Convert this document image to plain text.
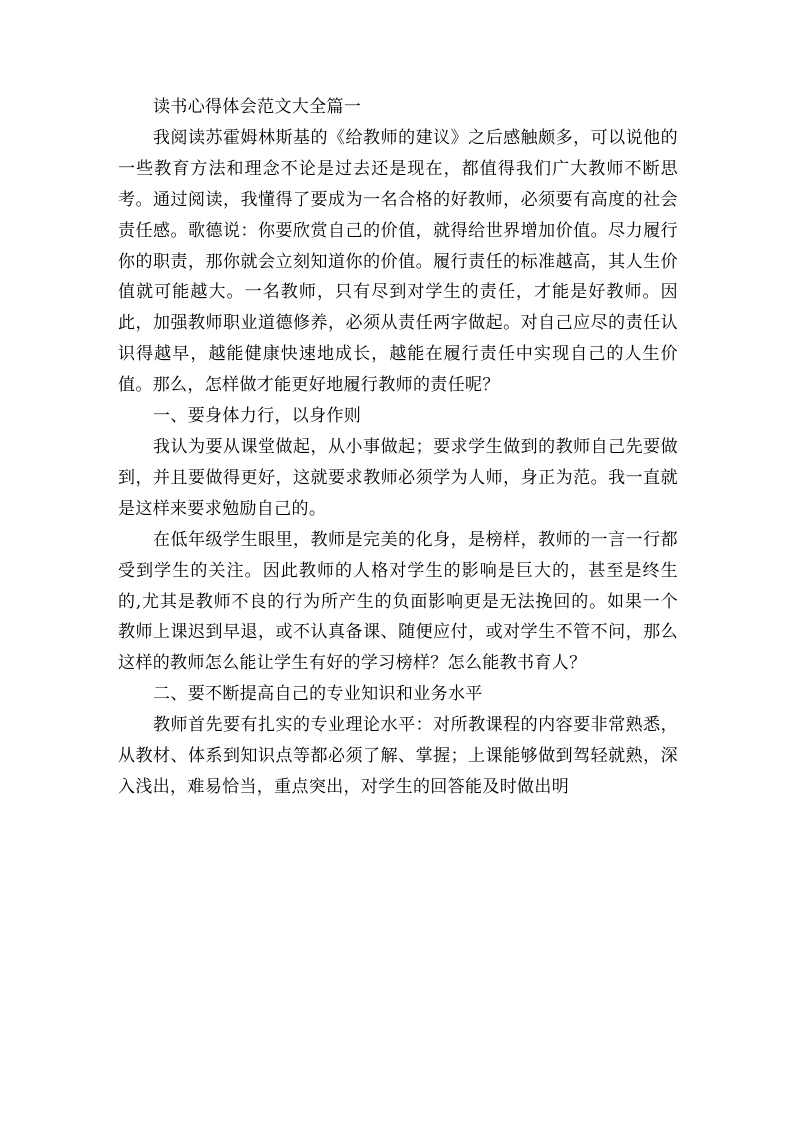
读书心得体会范文大全篇一

我阅读苏霍姆林斯基的《给教师的建议》之后感触颇多，可以说他的一些教育方法和理念不论是过去还是现在，都值得我们广大教师不断思考。通过阅读，我懂得了要成为一名合格的好教师，必须要有高度的社会责任感。歌德说：你要欣赏自己的价值，就得给世界增加价值。尽力履行你的职责，那你就会立刻知道你的价值。履行责任的标准越高，其人生价值就可能越大。一名教师，只有尽到对学生的责任，才能是好教师。因此，加强教师职业道德修养，必须从责任两字做起。对自己应尽的责任认识得越早，越能健康快速地成长，越能在履行责任中实现自己的人生价值。那么，怎样做才能更好地履行教师的责任呢？

一、要身体力行，以身作则

我认为要从课堂做起，从小事做起；要求学生做到的教师自己先要做到，并且要做得更好，这就要求教师必须学为人师，身正为范。我一直就是这样来要求勉励自己的。

在低年级学生眼里，教师是完美的化身，是榜样，教师的一言一行都受到学生的关注。因此教师的人格对学生的影响是巨大的，甚至是终生的,尤其是教师不良的行为所产生的负面影响更是无法挽回的。如果一个教师上课迟到早退，或不认真备课、随便应付，或对学生不管不问，那么这样的教师怎么能让学生有好的学习榜样？怎么能教书育人？

二、要不断提高自己的专业知识和业务水平

教师首先要有扎实的专业理论水平：对所教课程的内容要非常熟悉，从教材、体系到知识点等都必须了解、掌握；上课能够做到驾轻就熟，深入浅出，难易恰当，重点突出，对学生的回答能及时做出明
